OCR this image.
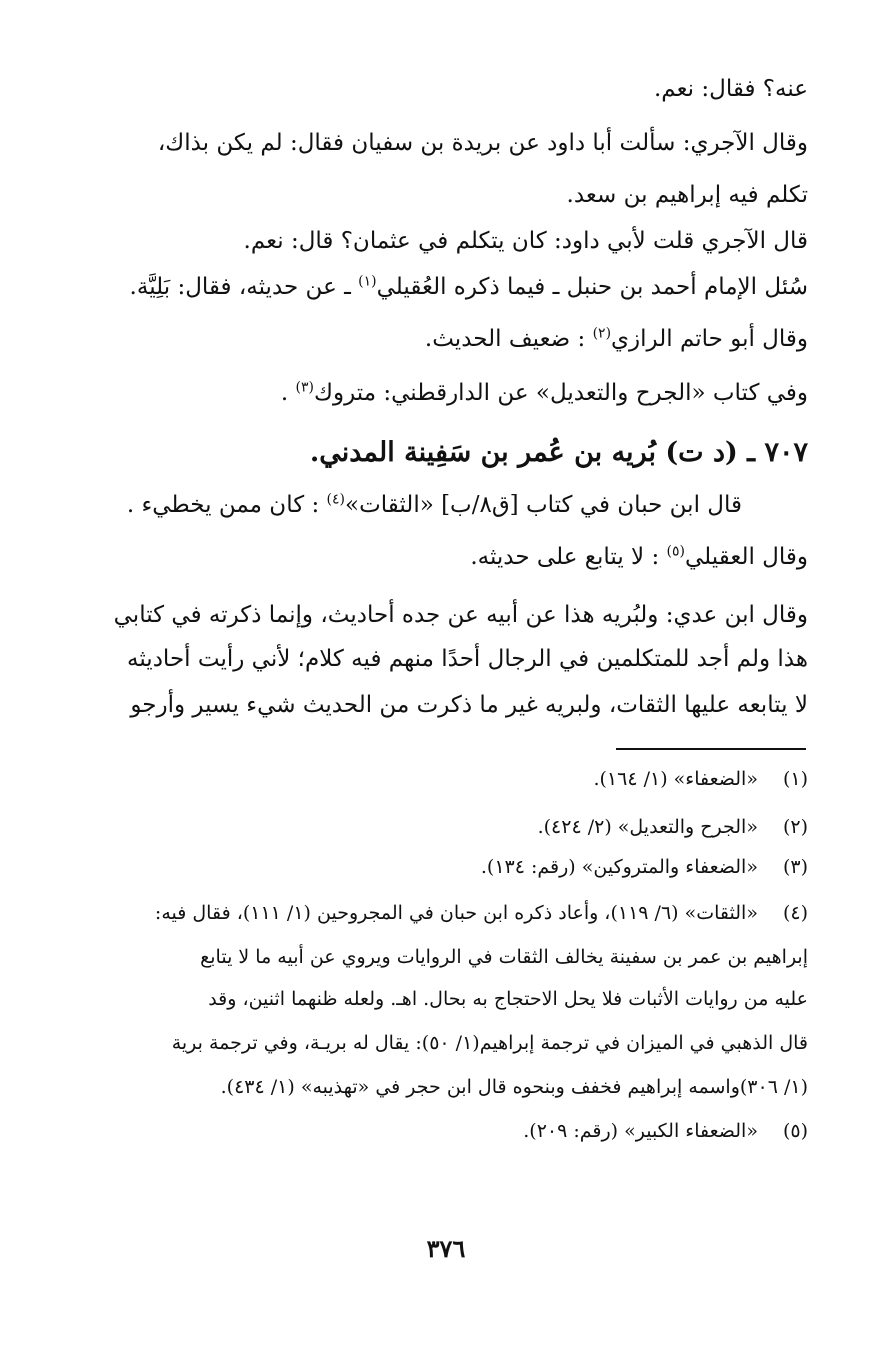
عنه؟ فقال: نعم.
وقال الآجري: سألت أبا داود عن بريدة بن سفيان فقال: لم يكن بذاك،
تكلم فيه إبراهيم بن سعد.
قال الآجري قلت لأبي داود: كان يتكلم في عثمان؟ قال: نعم.
سُئل الإمام أحمد بن حنبل ـ فيما ذكره العُقيلي$^{(١)}$ ـ عن حديثه، فقال: بَلِيَّة.
وقال أبو حاتم الرازي$^{(٢)}$ : ضعيف الحديث.
وفي كتاب «الجرح والتعديل» عن الدارقطني: متروك$^{(٣)}$ .
٧٠٧ ـ (د ت) بُريه بن عُمر بن سَفِينة المدني.
قال ابن حبان في كتاب [ق٨/ب] «الثقات»$^{(٤)}$ : كان ممن يخطيء .
وقال العقيلي$^{(٥)}$ : لا يتابع على حديثه.
وقال ابن عدي: ولبُريه هذا عن أبيه عن جده أحاديث، وإنما ذكرته في كتابي
هذا ولم أجد للمتكلمين في الرجال أحدًا منهم فيه كلام؛ لأني رأيت أحاديثه
لا يتابعه عليها الثقات، ولبريه غير ما ذكرت من الحديث شيء يسير وأرجو
(١) «الضعفاء» (١/ ١٦٤).
(٢) «الجرح والتعديل» (٢/ ٤٢٤).
(٣) «الضعفاء والمتروكين» (رقم: ١٣٤).
(٤) «الثقات» (٦/ ١١٩)، وأعاد ذكره ابن حبان في المجروحين (١/ ١١١)، فقال فيه:
إبراهيم بن عمر بن سفينة يخالف الثقات في الروايات ويروي عن أبيه ما لا يتابع
عليه من روايات الأثبات فلا يحل الاحتجاج به بحال. اهـ. ولعله ظنهما اثنين، وقد
قال الذهبي في الميزان في ترجمة إبراهيم(١/ ٥٠): يقال له بريـة، وفي ترجمة برية
(١/ ٣٠٦)واسمه إبراهيم فخفف وبنحوه قال ابن حجر في «تهذيبه» (١/ ٤٣٤).
(٥) «الضعفاء الكبير» (رقم: ٢٠٩).
٣٧٦
